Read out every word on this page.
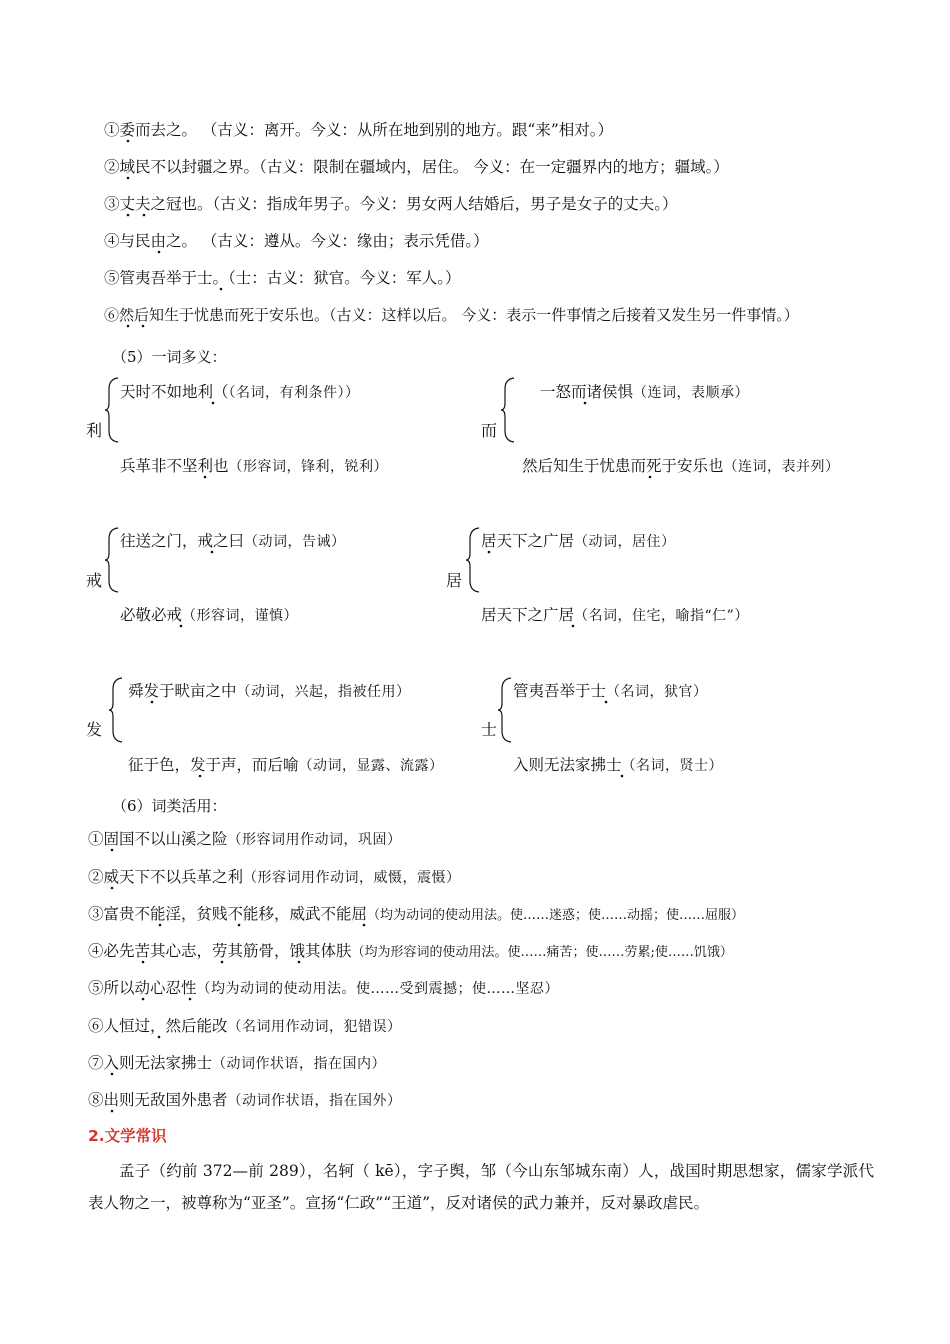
①委而去之。 （古义：离开。今义：从所在地到别的地方。跟“来”相对。）
②域民不以封疆之界。（古义：限制在疆域内，居住。 今义：在一定疆界内的地方；疆域。）
③丈夫之冠也。（古义：指成年男子。今义：男女两人结婚后，男子是女子的丈夫。）
④与民由之。 （古义：遵从。今义：缘由；表示凭借。）
⑤管夷吾举于士。（士：古义：狱官。今义：军人。）
⑥然后知生于忧患而死于安乐也。（古义：这样以后。 今义：表示一件事情之后接着又发生另一件事情。）
（5）一词多义：
利
天时不如地利（（名词，有利条件））
兵革非不坚利也（形容词，锋利，锐利）
而
一怒而诸侯惧（连词，表顺承）
然后知生于忧患而死于安乐也（连词，表并列）
戒
往送之门，戒之曰（动词，告诫）
必敬必戒（形容词，谨慎）
居
居天下之广居（动词，居住）
居天下之广居（名词，住宅，喻指“仁”）
发
舜发于畎亩之中（动词，兴起，指被任用）
征于色，发于声，而后喻（动词，显露、流露）
士
管夷吾举于士（名词，狱官）
入则无法家拂士（名词，贤士）
（6）词类活用：
①固国不以山溪之险（形容词用作动词，巩固）
②威天下不以兵革之利（形容词用作动词，威慑，震慑）
③富贵不能淫，贫贱不能移，威武不能屈（均为动词的使动用法。使……迷惑；使……动摇；使……屈服）
④必先苦其心志，劳其筋骨，饿其体肤（均为形容词的使动用法。使……痛苦；使……劳累;使……饥饿）
⑤所以动心忍性（均为动词的使动用法。使……受到震撼；使……坚忍）
⑥人恒过，然后能改（名词用作动词，犯错误）
⑦入则无法家拂士（动词作状语，指在国内）
⑧出则无敌国外患者（动词作状语，指在国外）
2.文学常识
孟子（约前 372—前 289），名轲（ kē），字子舆，邹（今山东邹城东南）人，战国时期思想家，儒家学派代表人物之一，被尊称为“亚圣”。宣扬“仁政”“王道”，反对诸侯的武力兼并，反对暴政虐民。
